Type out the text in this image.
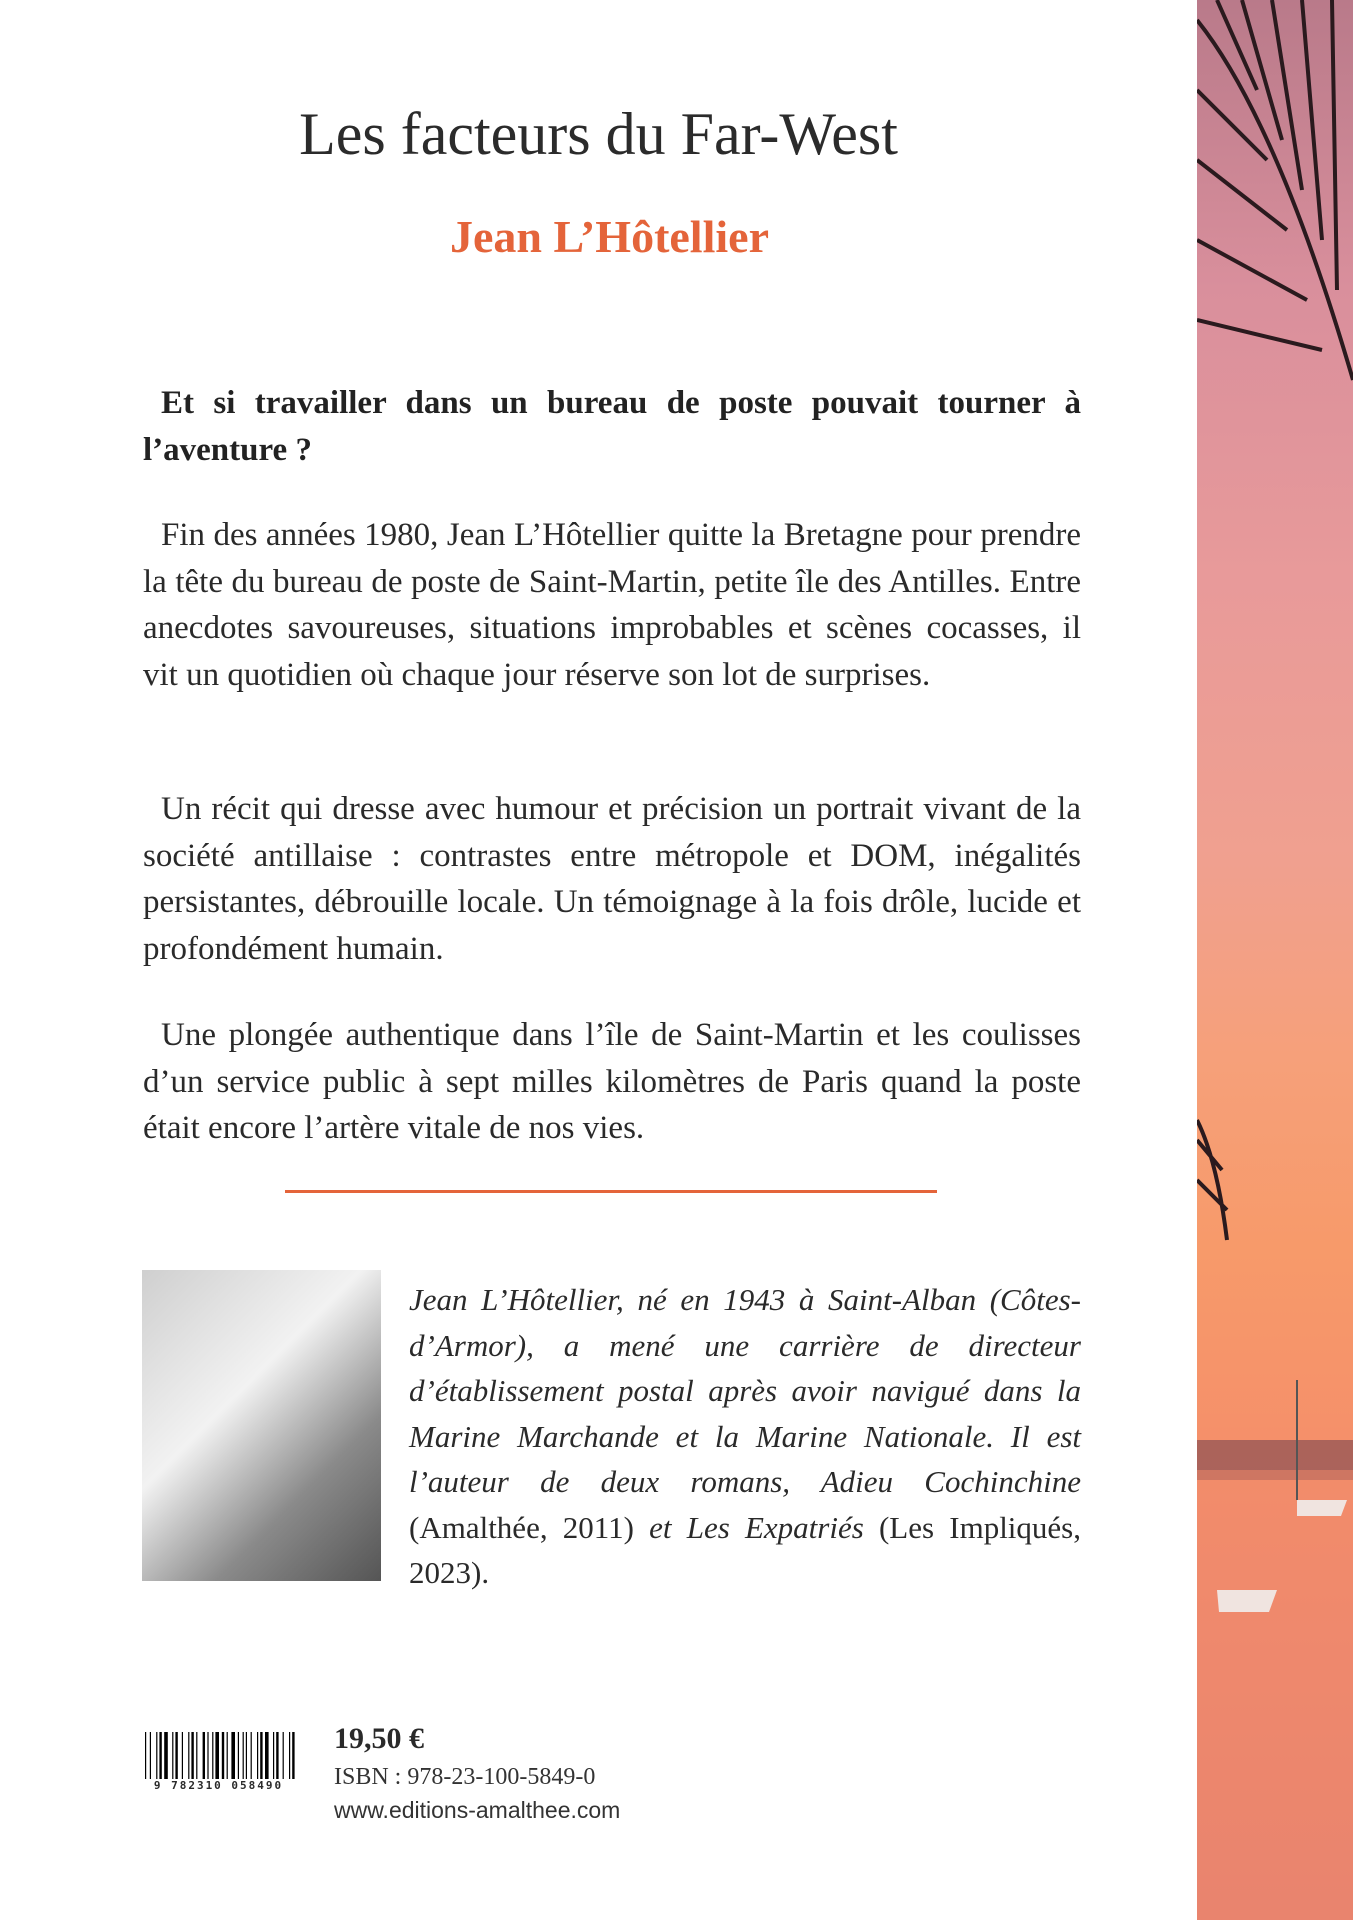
Les facteurs du Far-West
Jean L’Hôtellier

Et si travailler dans un bureau de poste pouvait tourner à l’aventure ?

Fin des années 1980, Jean L’Hôtellier quitte la Bretagne pour prendre la tête du bureau de poste de Saint-Martin, petite île des Antilles. Entre anecdotes savoureuses, situations improbables et scènes cocasses, il vit un quotidien où chaque jour réserve son lot de surprises.

Un récit qui dresse avec humour et précision un portrait vivant de la société antillaise : contrastes entre métropole et DOM, inégalités persistantes, débrouille locale. Un témoignage à la fois drôle, lucide et profondément humain.

Une plongée authentique dans l’île de Saint-Martin et les coulisses d’un service public à sept milles kilomètres de Paris quand la poste était encore l’artère vitale de nos vies.

Jean L’Hôtellier, né en 1943 à Saint-Alban (Côtes-d’Armor), a mené une carrière de directeur d’établissement postal après avoir navigué dans la Marine Marchande et la Marine Nationale. Il est l’auteur de deux romans, Adieu Cochinchine (Amalthée, 2011) et Les Expatriés (Les Impliqués, 2023).

9 782310 058490
19,50 €
ISBN : 978-23-100-5849-0
www.editions-amalthee.com
